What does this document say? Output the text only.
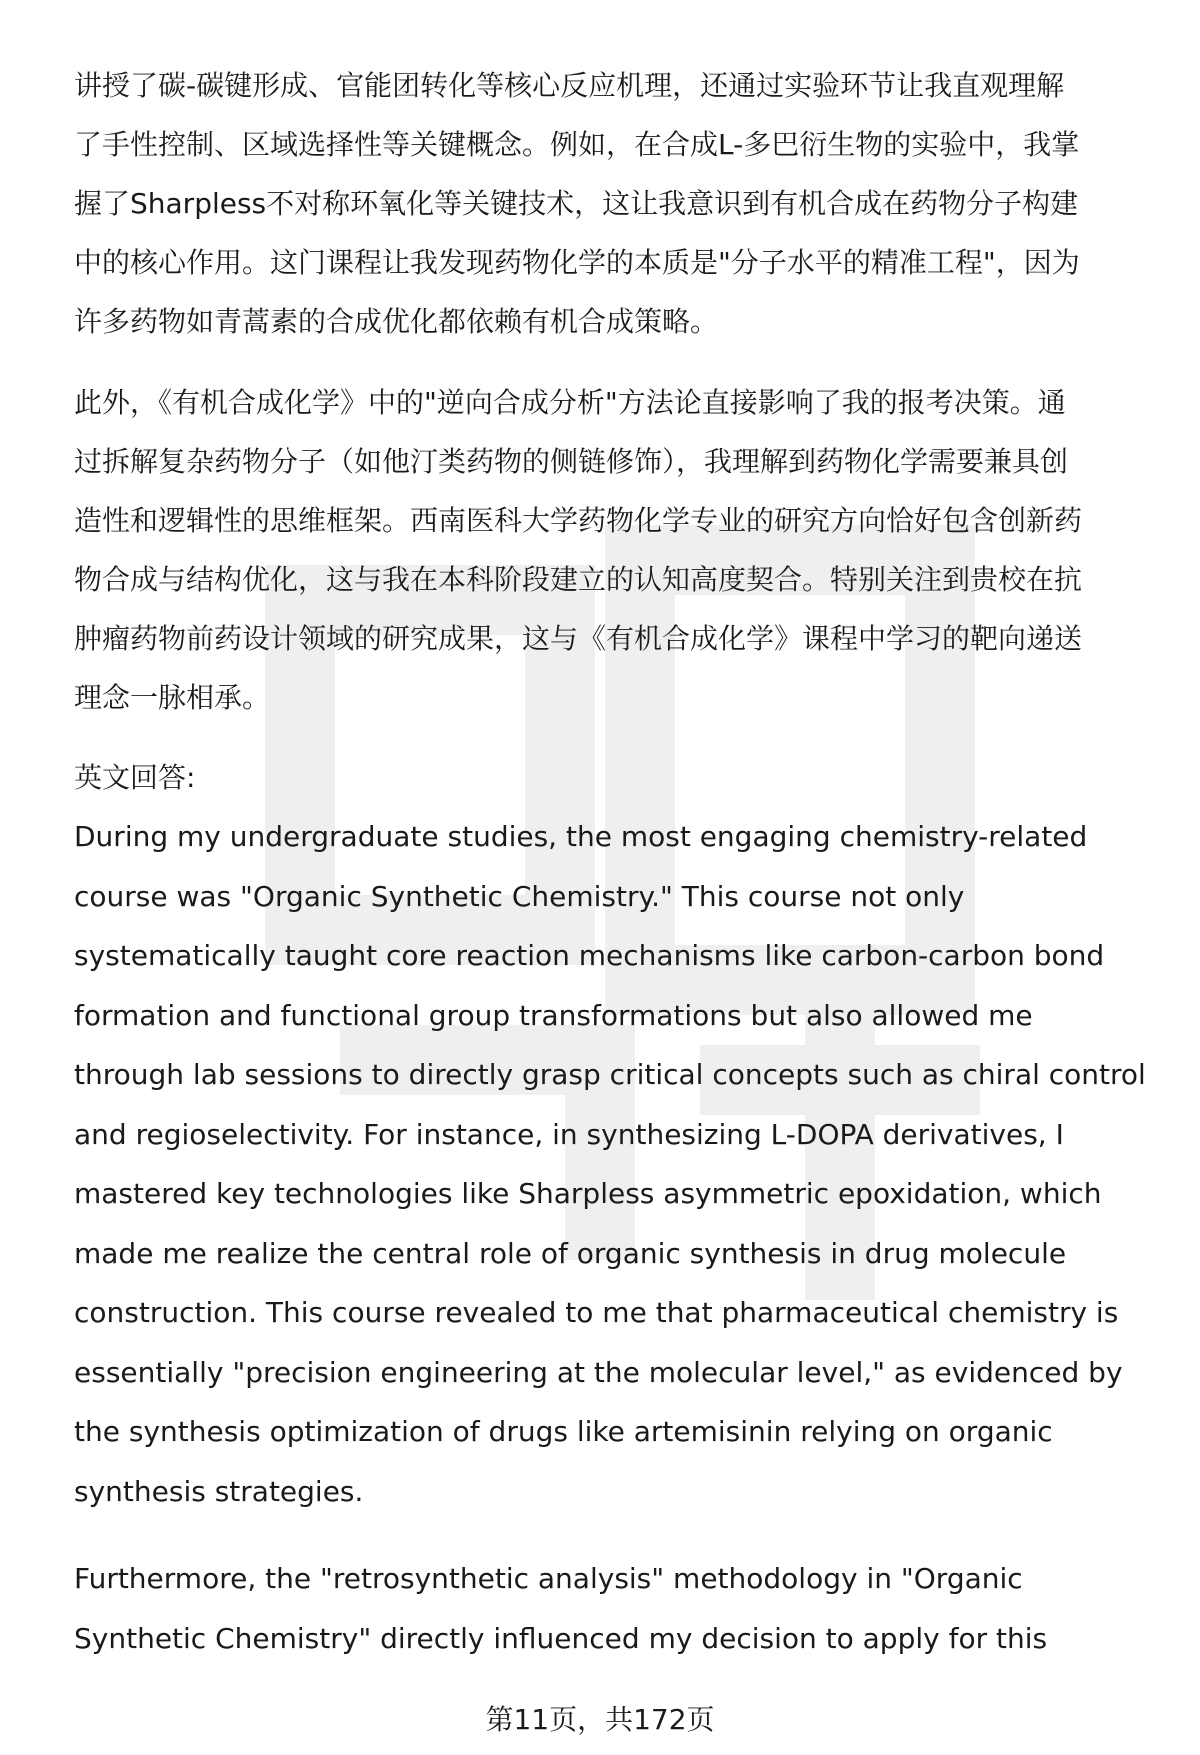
讲授了碳-碳键形成、官能团转化等核心反应机理，还通过实验环节让我直观理解
了手性控制、区域选择性等关键概念。例如，在合成L-多巴衍生物的实验中，我掌
握了Sharpless不对称环氧化等关键技术，这让我意识到有机合成在药物分子构建
中的核心作用。这门课程让我发现药物化学的本质是"分子水平的精准工程"，因为
许多药物如青蒿素的合成优化都依赖有机合成策略。

此外，《有机合成化学》中的"逆向合成分析"方法论直接影响了我的报考决策。通
过拆解复杂药物分子（如他汀类药物的侧链修饰），我理解到药物化学需要兼具创
造性和逻辑性的思维框架。西南医科大学药物化学专业的研究方向恰好包含创新药
物合成与结构优化，这与我在本科阶段建立的认知高度契合。特别关注到贵校在抗
肿瘤药物前药设计领域的研究成果，这与《有机合成化学》课程中学习的靶向递送
理念一脉相承。

英文回答:

During my undergraduate studies, the most engaging chemistry-related
course was "Organic Synthetic Chemistry." This course not only
systematically taught core reaction mechanisms like carbon-carbon bond
formation and functional group transformations but also allowed me
through lab sessions to directly grasp critical concepts such as chiral control
and regioselectivity. For instance, in synthesizing L-DOPA derivatives, I
mastered key technologies like Sharpless asymmetric epoxidation, which
made me realize the central role of organic synthesis in drug molecule
construction. This course revealed to me that pharmaceutical chemistry is
essentially "precision engineering at the molecular level," as evidenced by
the synthesis optimization of drugs like artemisinin relying on organic
synthesis strategies.

Furthermore, the "retrosynthetic analysis" methodology in "Organic
Synthetic Chemistry" directly influenced my decision to apply for this

第11页，共172页
